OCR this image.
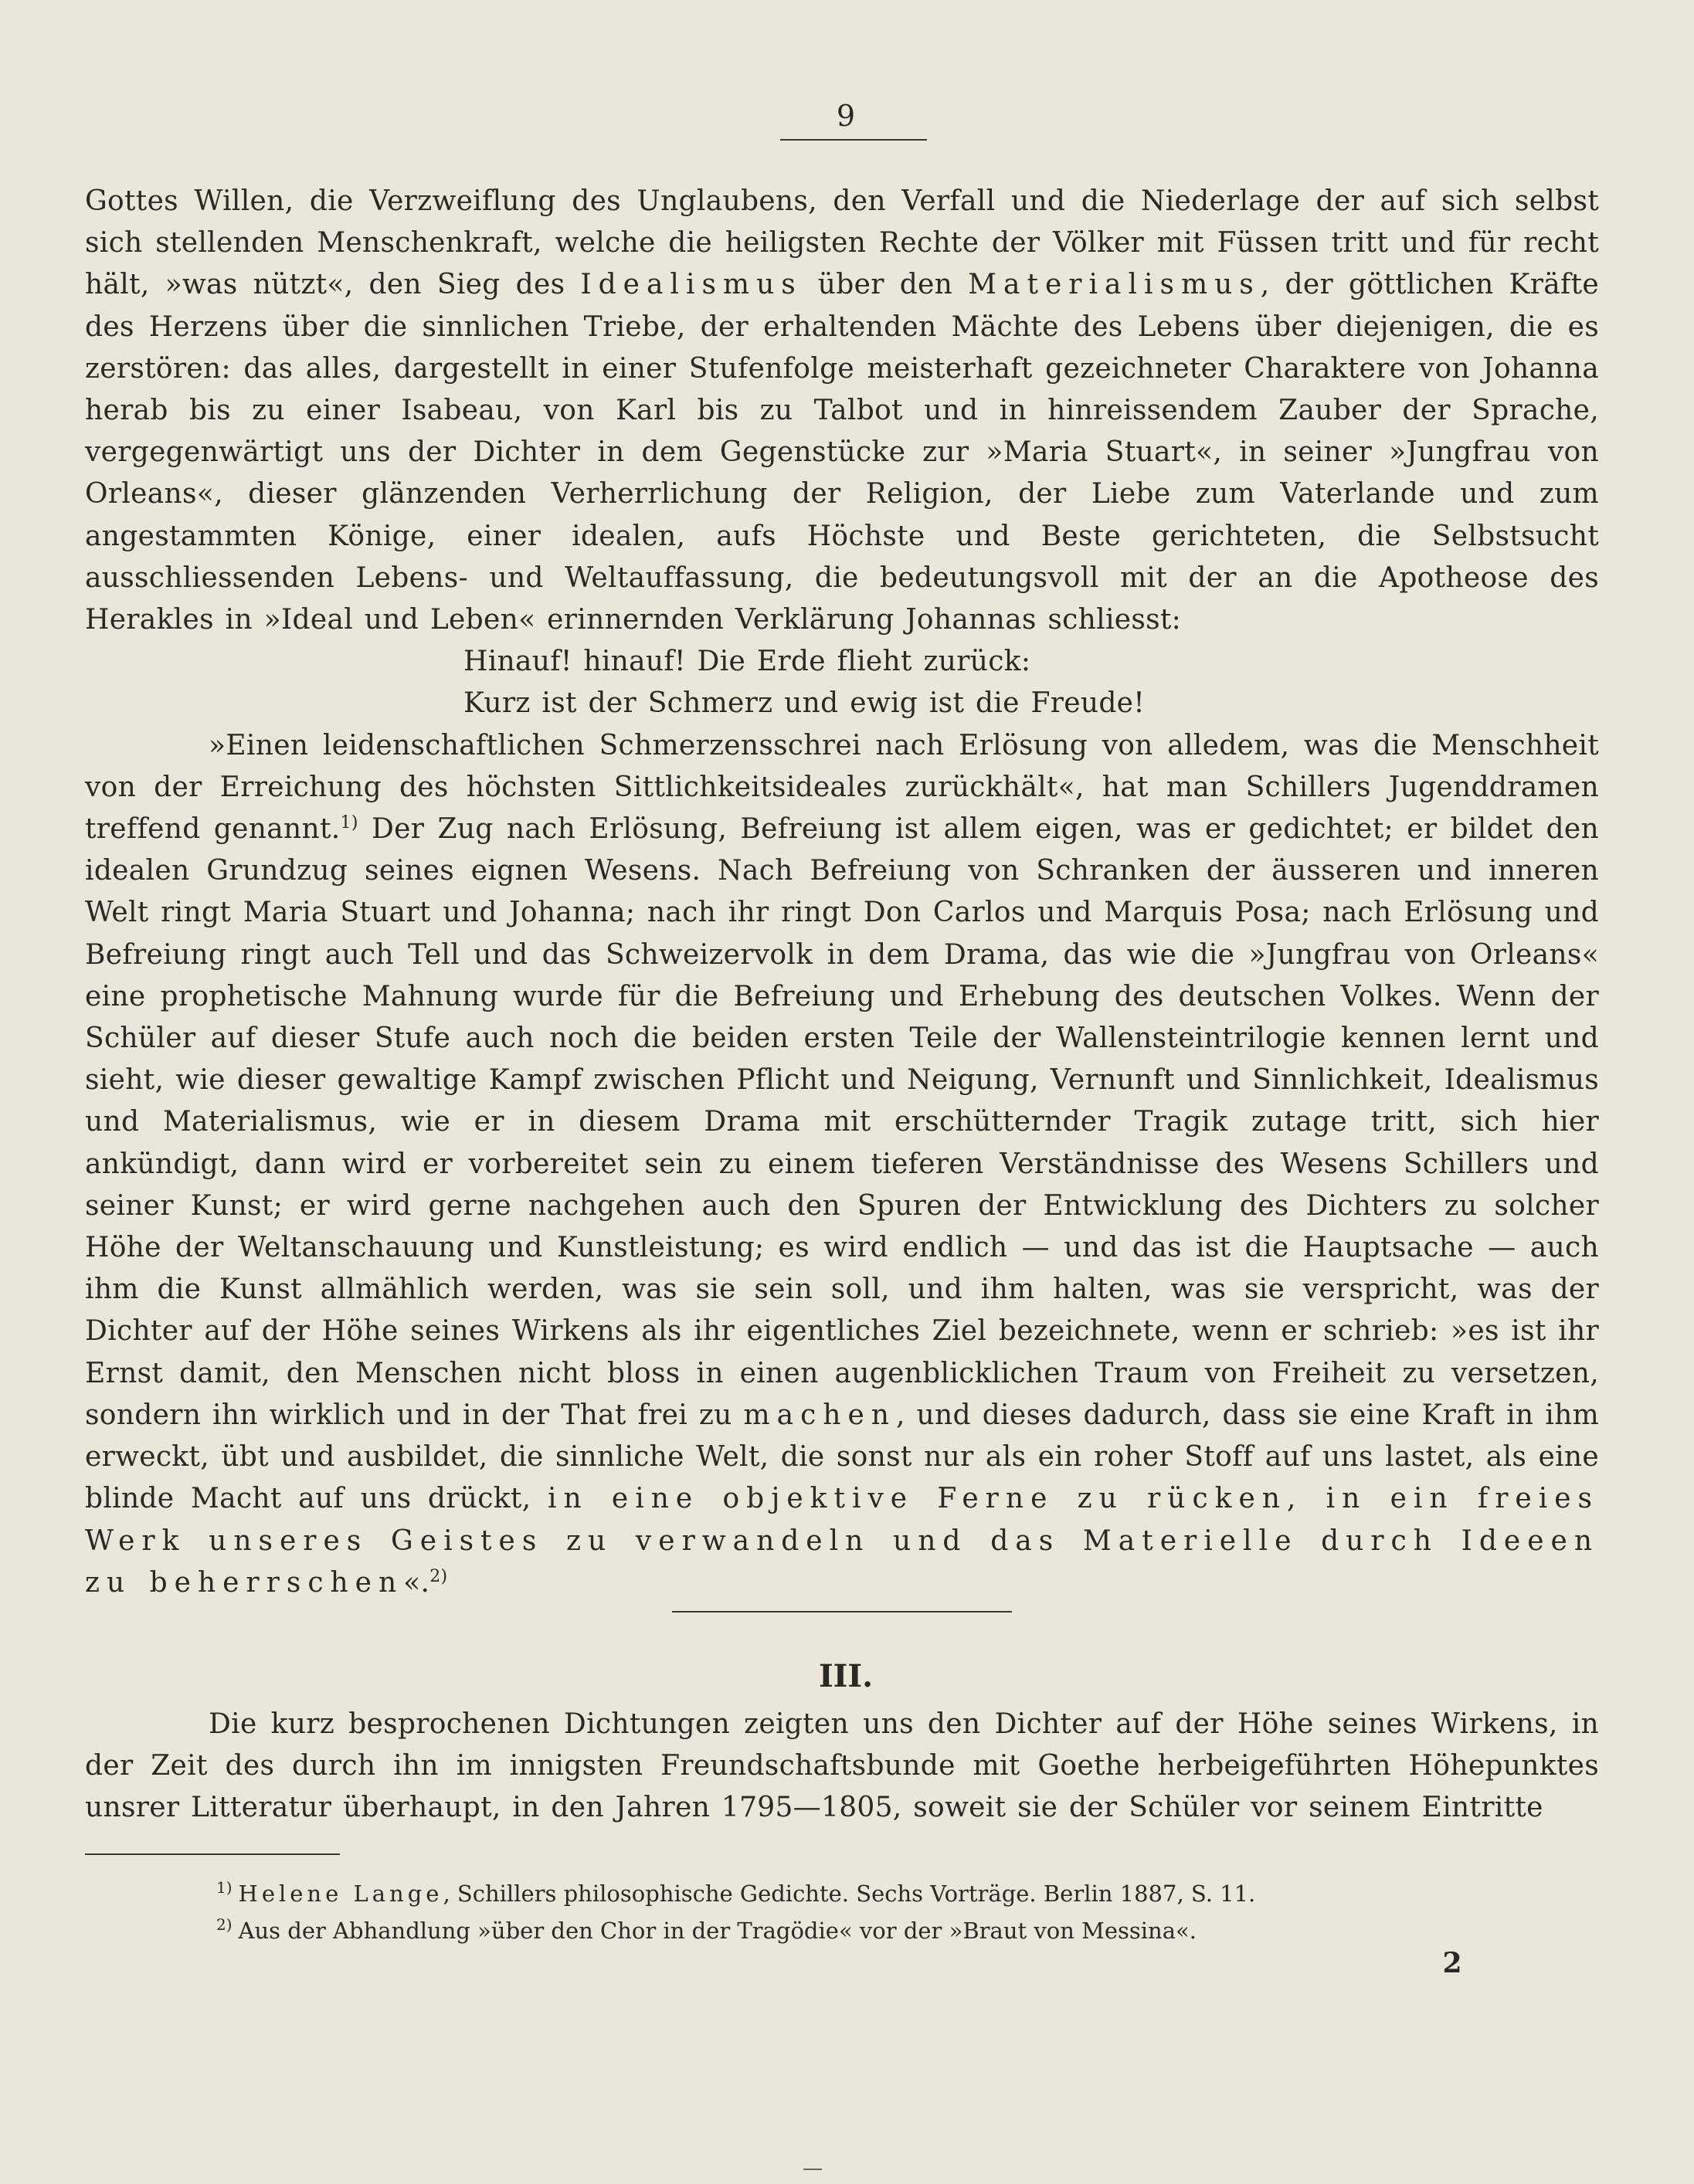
9

Gottes Willen, die Verzweiflung des Unglaubens, den Verfall und die Niederlage der auf sich selbst sich stellenden Menschenkraft, welche die heiligsten Rechte der Völker mit Füssen tritt und für recht hält, »was nützt«, den Sieg des Idealismus über den Materialismus, der göttlichen Kräfte des Herzens über die sinnlichen Triebe, der erhaltenden Mächte des Lebens über diejenigen, die es zerstören: das alles, dargestellt in einer Stufenfolge meisterhaft gezeichneter Charaktere von Johanna herab bis zu einer Isabeau, von Karl bis zu Talbot und in hinreissendem Zauber der Sprache, vergegenwärtigt uns der Dichter in dem Gegenstücke zur »Maria Stuart«, in seiner »Jungfrau von Orleans«, dieser glänzenden Verherrlichung der Religion, der Liebe zum Vaterlande und zum angestammten Könige, einer idealen, aufs Höchste und Beste gerichteten, die Selbstsucht ausschliessenden Lebens- und Weltauffassung, die bedeutungsvoll mit der an die Apotheose des Herakles in »Ideal und Leben« erinnernden Verklärung Johannas schliesst:

Hinauf! hinauf! Die Erde flieht zurück:

Kurz ist der Schmerz und ewig ist die Freude!

»Einen leidenschaftlichen Schmerzensschrei nach Erlösung von alledem, was die Menschheit von der Erreichung des höchsten Sittlichkeitsideales zurückhält«, hat man Schillers Jugenddramen treffend genannt.$^{1)}$ Der Zug nach Erlösung, Befreiung ist allem eigen, was er gedichtet; er bildet den idealen Grundzug seines eignen Wesens. Nach Befreiung von Schranken der äusseren und inneren Welt ringt Maria Stuart und Johanna; nach ihr ringt Don Carlos und Marquis Posa; nach Erlösung und Befreiung ringt auch Tell und das Schweizervolk in dem Drama, das wie die »Jungfrau von Orleans« eine prophetische Mahnung wurde für die Befreiung und Erhebung des deutschen Volkes. Wenn der Schüler auf dieser Stufe auch noch die beiden ersten Teile der Wallensteintrilogie kennen lernt und sieht, wie dieser gewaltige Kampf zwischen Pflicht und Neigung, Vernunft und Sinnlichkeit, Idealismus und Materialismus, wie er in diesem Drama mit erschütternder Tragik zutage tritt, sich hier ankündigt, dann wird er vorbereitet sein zu einem tieferen Verständnisse des Wesens Schillers und seiner Kunst; er wird gerne nachgehen auch den Spuren der Entwicklung des Dichters zu solcher Höhe der Weltanschauung und Kunstleistung; es wird endlich — und das ist die Hauptsache — auch ihm die Kunst allmählich werden, was sie sein soll, und ihm halten, was sie verspricht, was der Dichter auf der Höhe seines Wirkens als ihr eigentliches Ziel bezeichnete, wenn er schrieb: »es ist ihr Ernst damit, den Menschen nicht bloss in einen augenblicklichen Traum von Freiheit zu versetzen, sondern ihn wirklich und in der That frei zu machen, und dieses dadurch, dass sie eine Kraft in ihm erweckt, übt und ausbildet, die sinnliche Welt, die sonst nur als ein roher Stoff auf uns lastet, als eine blinde Macht auf uns drückt, in eine objektive Ferne zu rücken, in ein freies Werk unseres Geistes zu verwandeln und das Materielle durch Ideeen zu beherrschen«.$^{2)}$

III.

Die kurz besprochenen Dichtungen zeigten uns den Dichter auf der Höhe seines Wirkens, in der Zeit des durch ihn im innigsten Freundschaftsbunde mit Goethe herbeigeführten Höhepunktes unsrer Litteratur überhaupt, in den Jahren 1795—1805, soweit sie der Schüler vor seinem Eintritte

$^{1)}$ Helene Lange, Schillers philosophische Gedichte. Sechs Vorträge. Berlin 1887, S. 11.

$^{2)}$ Aus der Abhandlung »über den Chor in der Tragödie« vor der »Braut von Messina«.

2
